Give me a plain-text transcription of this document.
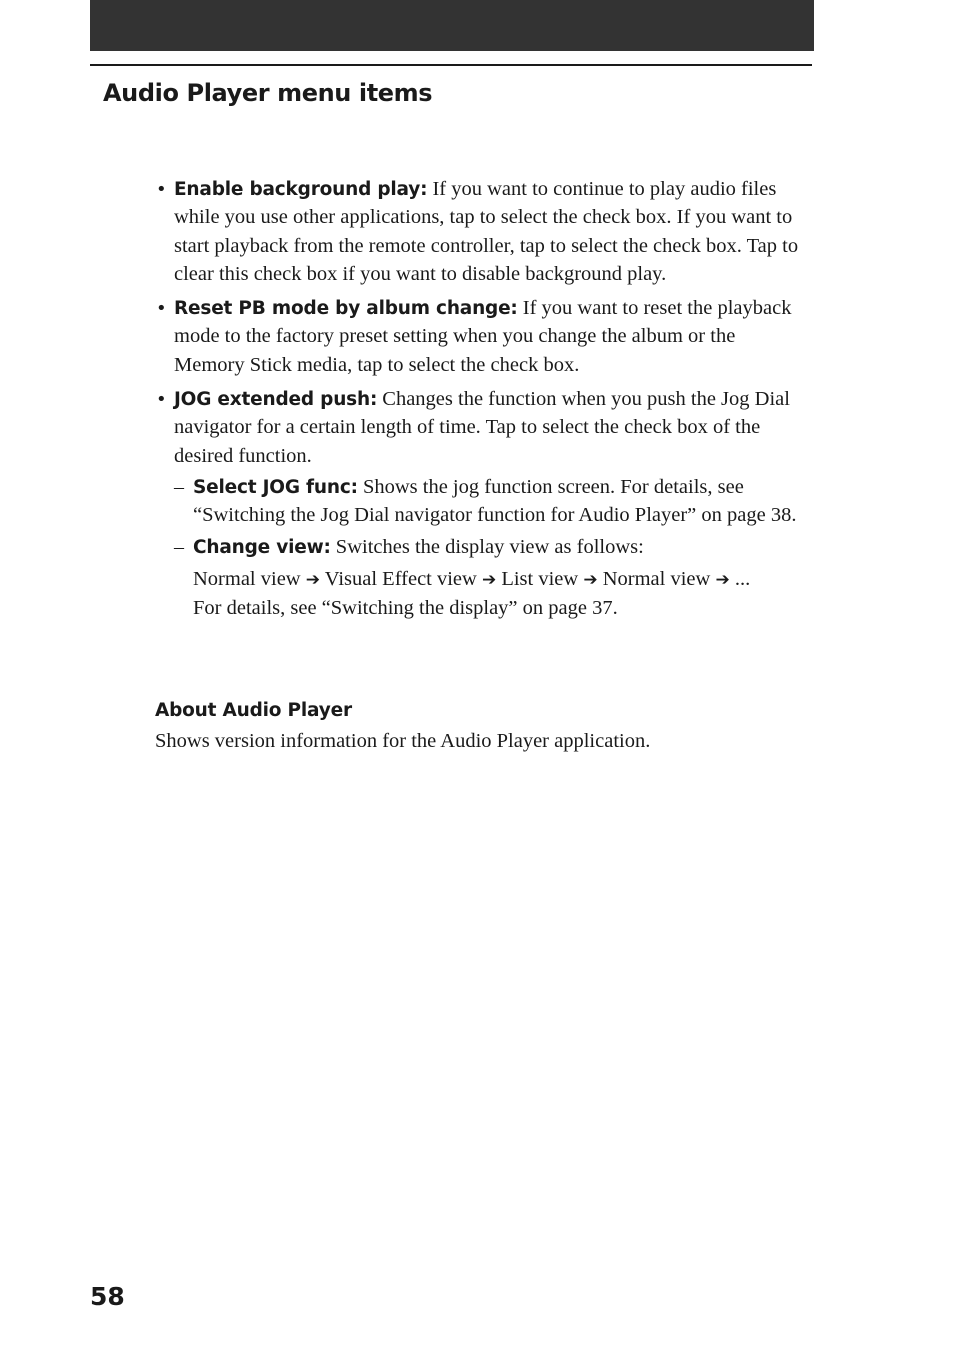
Audio Player menu items
• Enable background play: If you want to continue to play audio files while you use other applications, tap to select the check box. If you want to start playback from the remote controller, tap to select the check box. Tap to clear this check box if you want to disable background play.
• Reset PB mode by album change: If you want to reset the playback mode to the factory preset setting when you change the album or the Memory Stick media, tap to select the check box.
• JOG extended push: Changes the function when you push the Jog Dial navigator for a certain length of time. Tap to select the check box of the desired function.
– Select JOG func: Shows the jog function screen. For details, see “Switching the Jog Dial navigator function for Audio Player” on page 38.
– Change view: Switches the display view as follows:
Normal view ➔ Visual Effect view ➔ List view ➔ Normal view ➔ ...
For details, see “Switching the display” on page 37.
About Audio Player
Shows version information for the Audio Player application.
58
